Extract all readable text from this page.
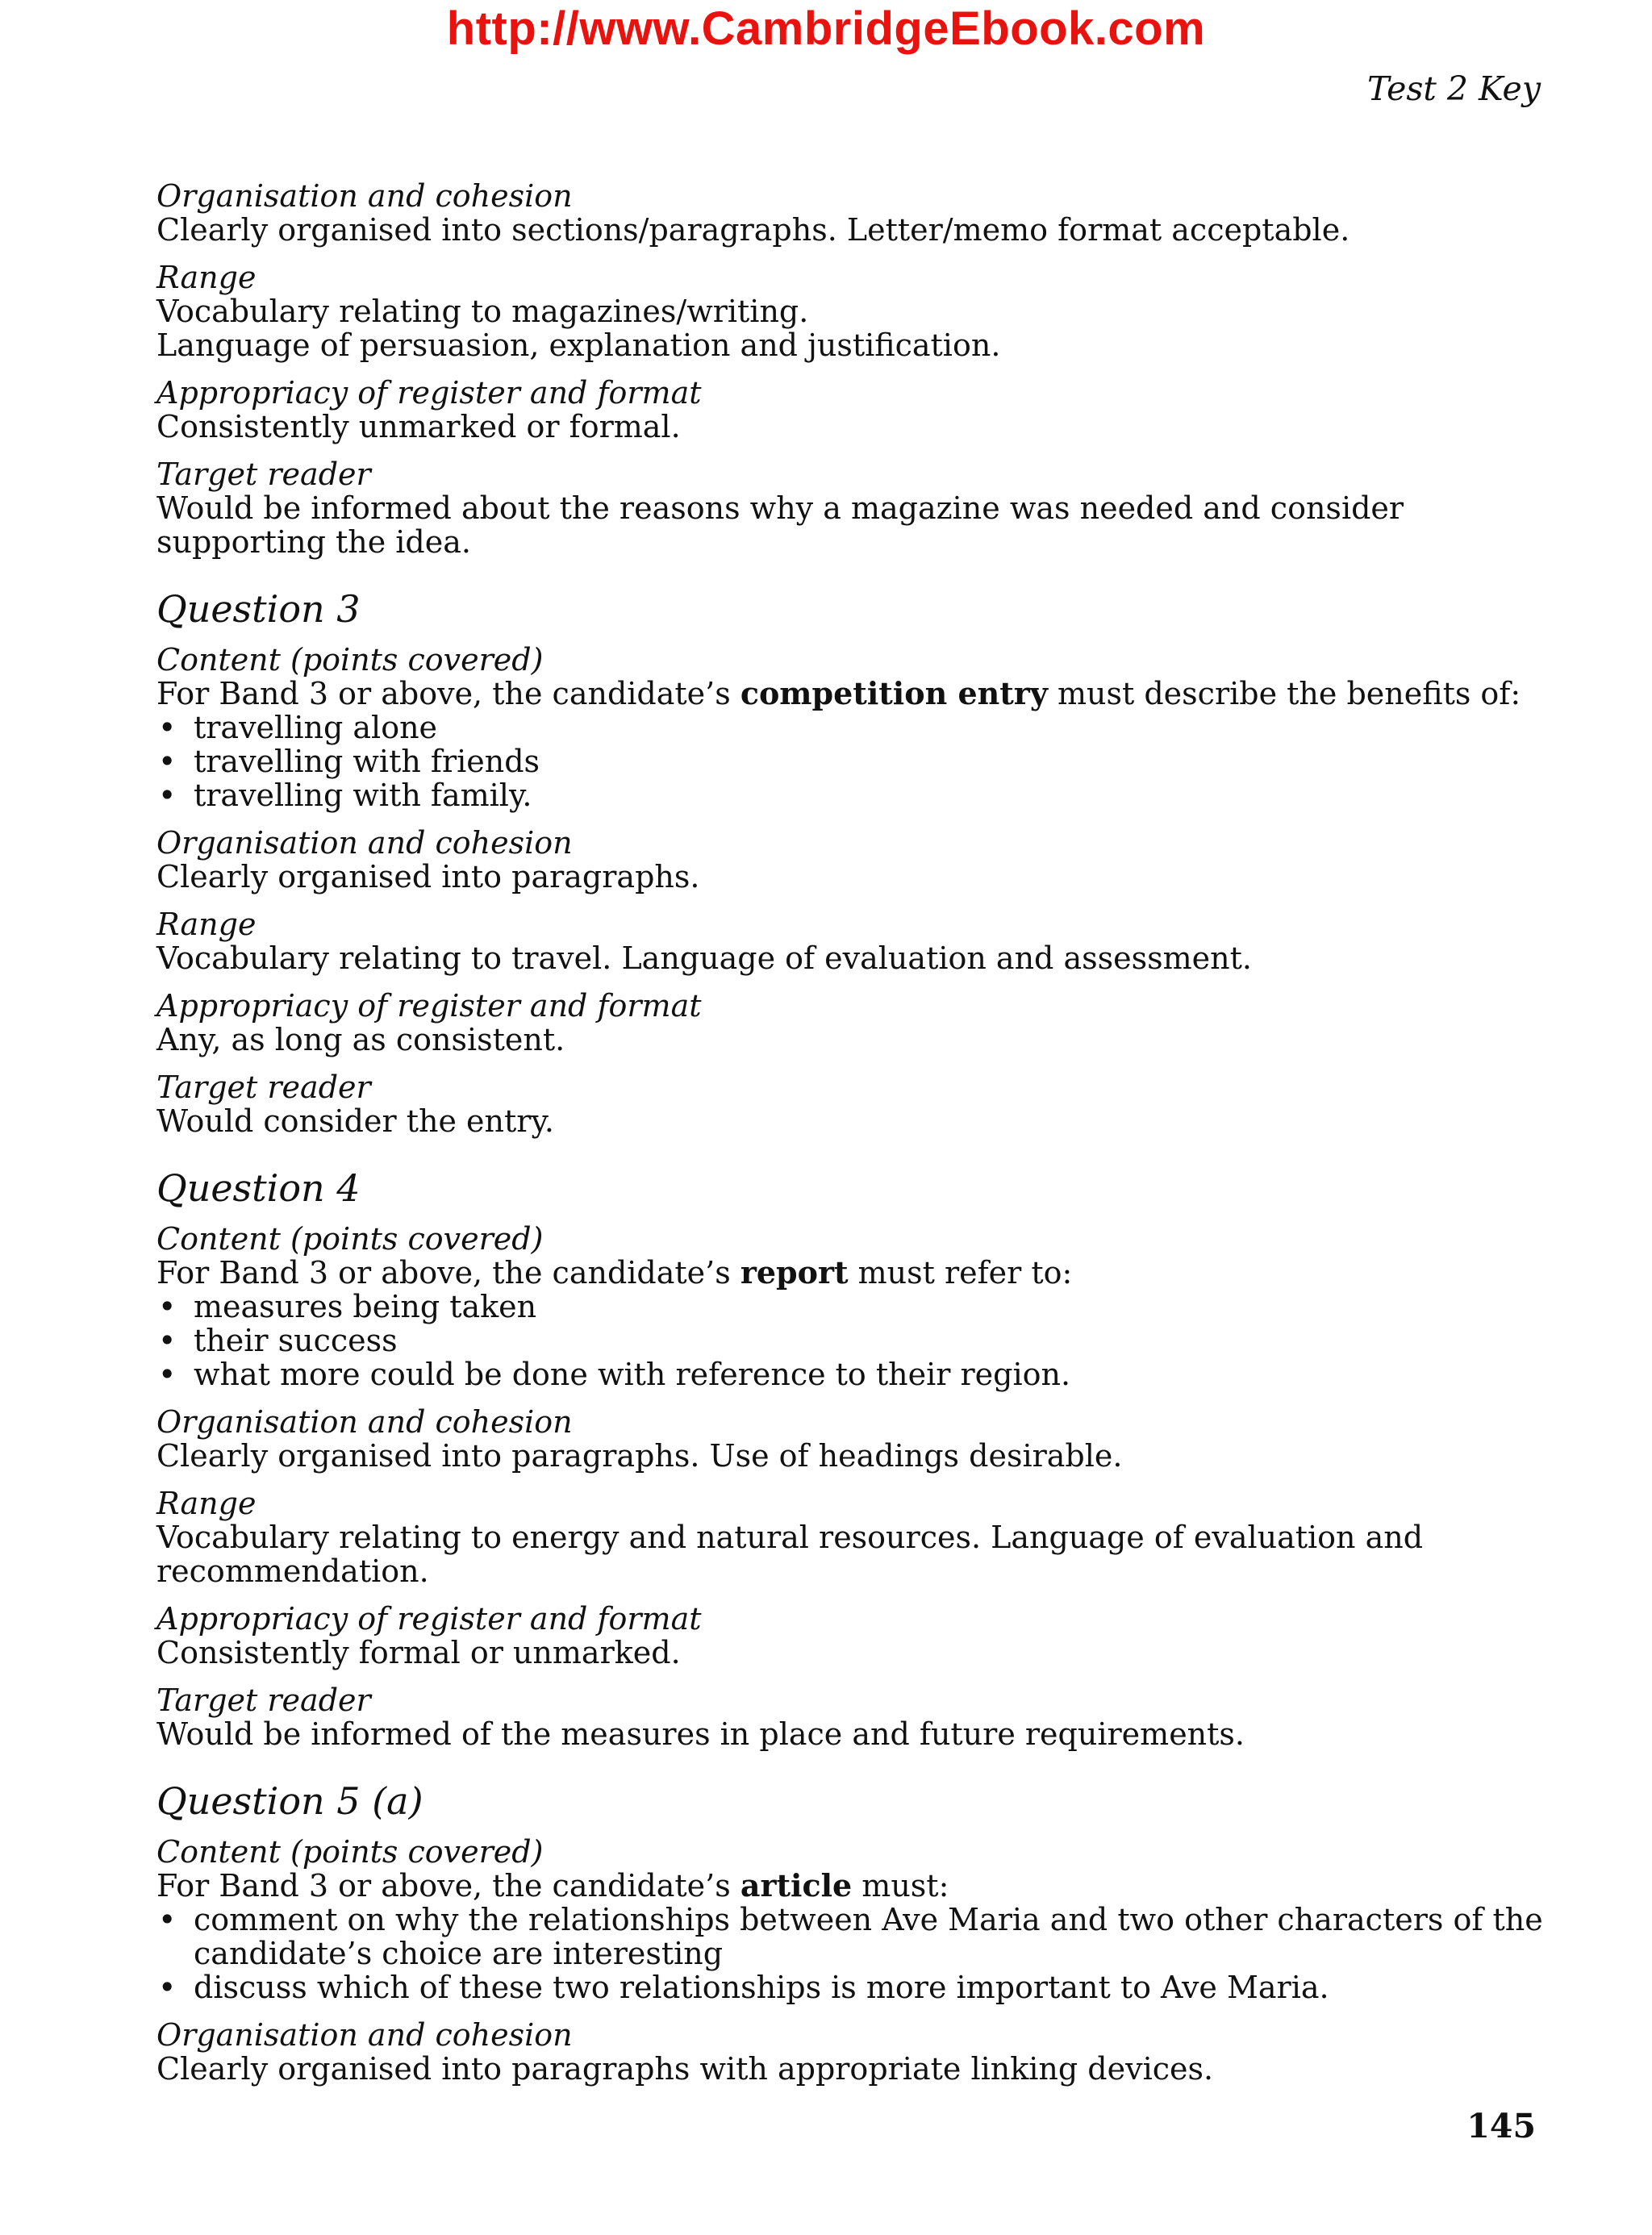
http://www.CambridgeEbook.com
Test 2 Key
Organisation and cohesion
Clearly organised into sections/paragraphs. Letter/memo format acceptable.
Range
Vocabulary relating to magazines/writing.
Language of persuasion, explanation and justification.
Appropriacy of register and format
Consistently unmarked or formal.
Target reader
Would be informed about the reasons why a magazine was needed and consider supporting the idea.
Question 3
Content (points covered)
For Band 3 or above, the candidate’s competition entry must describe the benefits of:
• travelling alone
• travelling with friends
• travelling with family.
Organisation and cohesion
Clearly organised into paragraphs.
Range
Vocabulary relating to travel. Language of evaluation and assessment.
Appropriacy of register and format
Any, as long as consistent.
Target reader
Would consider the entry.
Question 4
Content (points covered)
For Band 3 or above, the candidate’s report must refer to:
• measures being taken
• their success
• what more could be done with reference to their region.
Organisation and cohesion
Clearly organised into paragraphs. Use of headings desirable.
Range
Vocabulary relating to energy and natural resources. Language of evaluation and recommendation.
Appropriacy of register and format
Consistently formal or unmarked.
Target reader
Would be informed of the measures in place and future requirements.
Question 5 (a)
Content (points covered)
For Band 3 or above, the candidate’s article must:
• comment on why the relationships between Ave Maria and two other characters of the candidate’s choice are interesting
• discuss which of these two relationships is more important to Ave Maria.
Organisation and cohesion
Clearly organised into paragraphs with appropriate linking devices.
145
